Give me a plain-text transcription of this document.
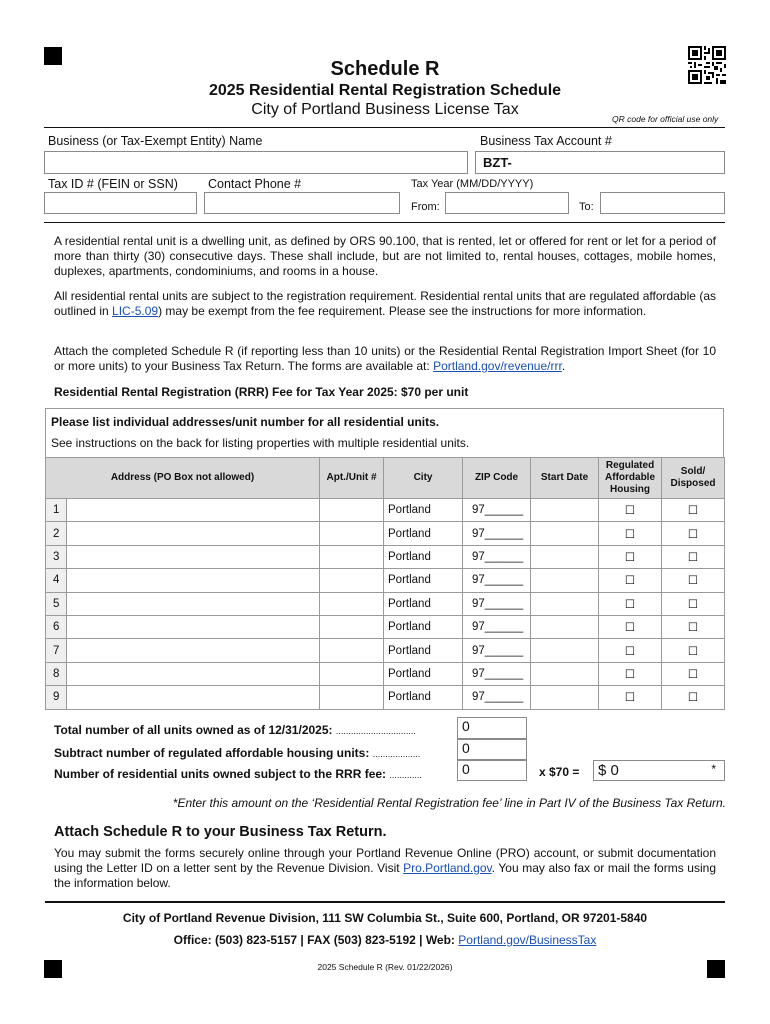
QR code for official use only
Schedule R
2025 Residential Rental Registration Schedule
City of Portland Business License Tax
Business (or Tax-Exempt Entity) Name	Business Tax Account #
BZT-
Tax ID # (FEIN or SSN) Contact Phone #	Tax Year (MM/DD/YYYY)
From:	To:
A residential rental unit is a dwelling unit, as defined by ORS 90.100, that is rented, let or offered for rent or let for a period of more than thirty (30) consecutive days. These shall include, but are not limited to, rental houses, cottages, mobile homes, duplexes, apartments, condominiums, and rooms in a house.
All residential rental units are subject to the registration requirement. Residential rental units that are regulated affordable (as outlined in LIC-5.09) may be exempt from the fee requirement. Please see the instructions for more information.
Attach the completed Schedule R (if reporting less than 10 units) or the Residential Rental Registration Import Sheet (for 10 or more units) to your Business Tax Return. The forms are available at: Portland.gov/revenue/rrr.
Residential Rental Registration (RRR) Fee for Tax Year 2025: $70 per unit
Please list individual addresses/unit number for all residential units.
See instructions on the back for listing properties with multiple residential units.
Address (PO Box not allowed)		Apt./Unit #	City	ZIP Code	Start Date	Regulated Affordable Housing	Sold/ Disposed
1			Portland	97______		☐	☐
2			Portland	97______		☐	☐
3			Portland	97______		☐	☐
4			Portland	97______		☐	☐
5			Portland	97______		☐	☐
6			Portland	97______		☐	☐
7			Portland	97______		☐	☐
8			Portland	97______		☐	☐
9			Portland	97______		☐	☐
Total number of all units owned as of 12/31/2025: ................................
Subtract number of regulated affordable housing units: ...................
Number of residential units owned subject to the RRR fee: .............
0
0
0	x $70 = $ 0	*
*Enter this amount on the ‘Residential Rental Registration fee’ line in Part IV of the Business Tax Return.
Attach Schedule R to your Business Tax Return.
You may submit the forms securely online through your Portland Revenue Online (PRO) account, or submit documentation using the Letter ID on a letter sent by the Revenue Division. Visit Pro.Portland.gov. You may also fax or mail the forms using the information below.
City of Portland Revenue Division, 111 SW Columbia St., Suite 600, Portland, OR 97201-5840
Office: (503) 823-5157 | FAX (503) 823-5192 | Web: Portland.gov/BusinessTax
2025 Schedule R (Rev. 01/22/2026)
